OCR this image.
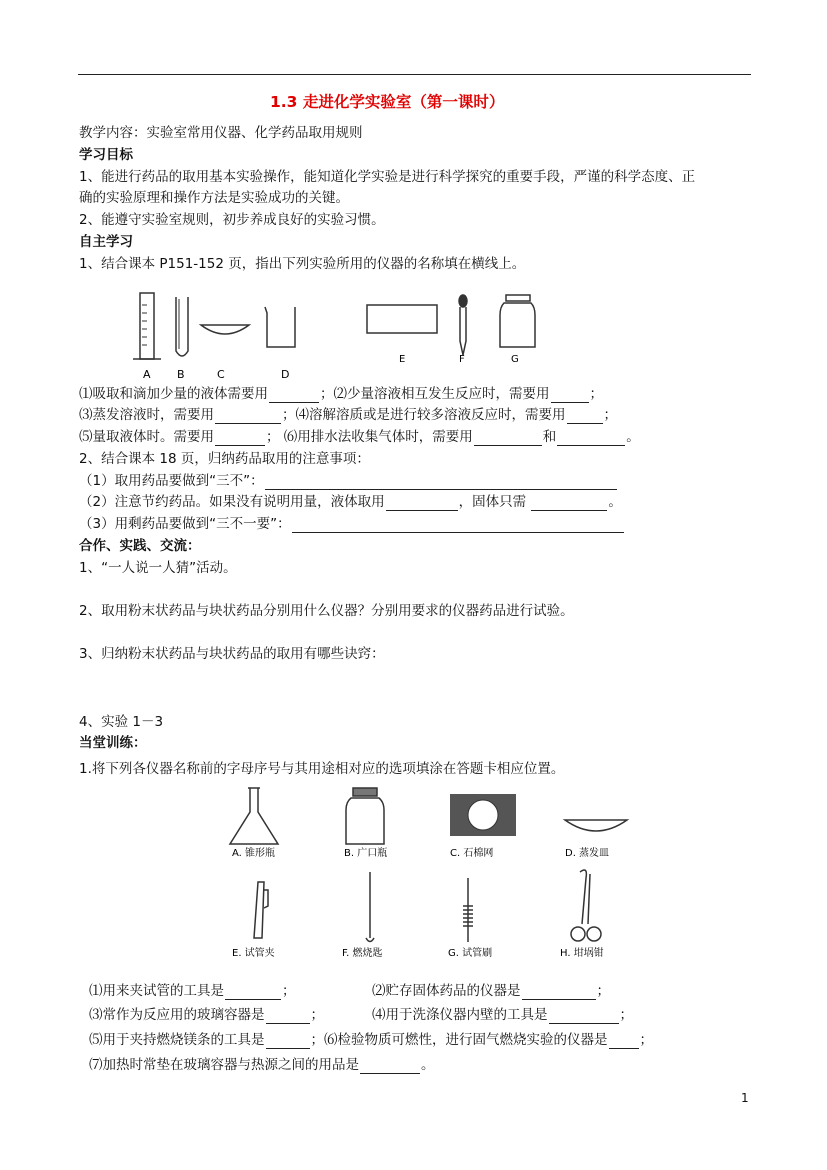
1.3 走进化学实验室（第一课时）
教学内容：实验室常用仪器、化学药品取用规则
学习目标
1、能进行药品的取用基本实验操作，能知道化学实验是进行科学探究的重要手段，严谨的科学态度、正
确的实验原理和操作方法是实验成功的关键。
2、能遵守实验室规则，初步养成良好的实验习惯。
自主学习
1、结合课本 P151-152 页，指出下列实验所用的仪器的名称填在横线上。
A B	C	D
E	F	G
⑴吸取和滴加少量的液体需要用	；⑵少量溶液相互发生反应时，需要用	；
⑶蒸发溶液时，需要用	；⑷溶解溶质或是进行较多溶液反应时，需要用	；
⑸量取液体时。需要用	； ⑹用排水法收集气体时，需要用	和	。
2、结合课本 18 页，归纳药品取用的注意事项：
（1）取用药品要做到“三不”：
（2）注意节约药品。如果没有说明用量，液体取用	，固体只需	。
（3）用剩药品要做到“三不一要”：
合作、实践、交流：
1、“一人说一人猜”活动。
2、取用粉末状药品与块状药品分别用什么仪器？分别用要求的仪器药品进行试验。
3、归纳粉末状药品与块状药品的取用有哪些诀窍：
4、实验 1－3
当堂训练：
1.将下列各仪器名称前的字母序号与其用途相对应的选项填涂在答题卡相应位置。
A. 锥形瓶	B. 广口瓶	C. 石棉网	D. 蒸发皿
E. 试管夹	F. 燃烧匙	G. 试管刷	H. 坩埚钳
⑴用来夹试管的工具是	；	⑵贮存固体药品的仪器是	；
⑶常作为反应用的玻璃容器是	；	⑷用于洗涤仪器内壁的工具是	；
⑸用于夹持燃烧镁条的工具是	；⑹检验物质可燃性，进行固气燃烧实验的仪器是 ；
⑺加热时常垫在玻璃容器与热源之间的用品是	。
1
